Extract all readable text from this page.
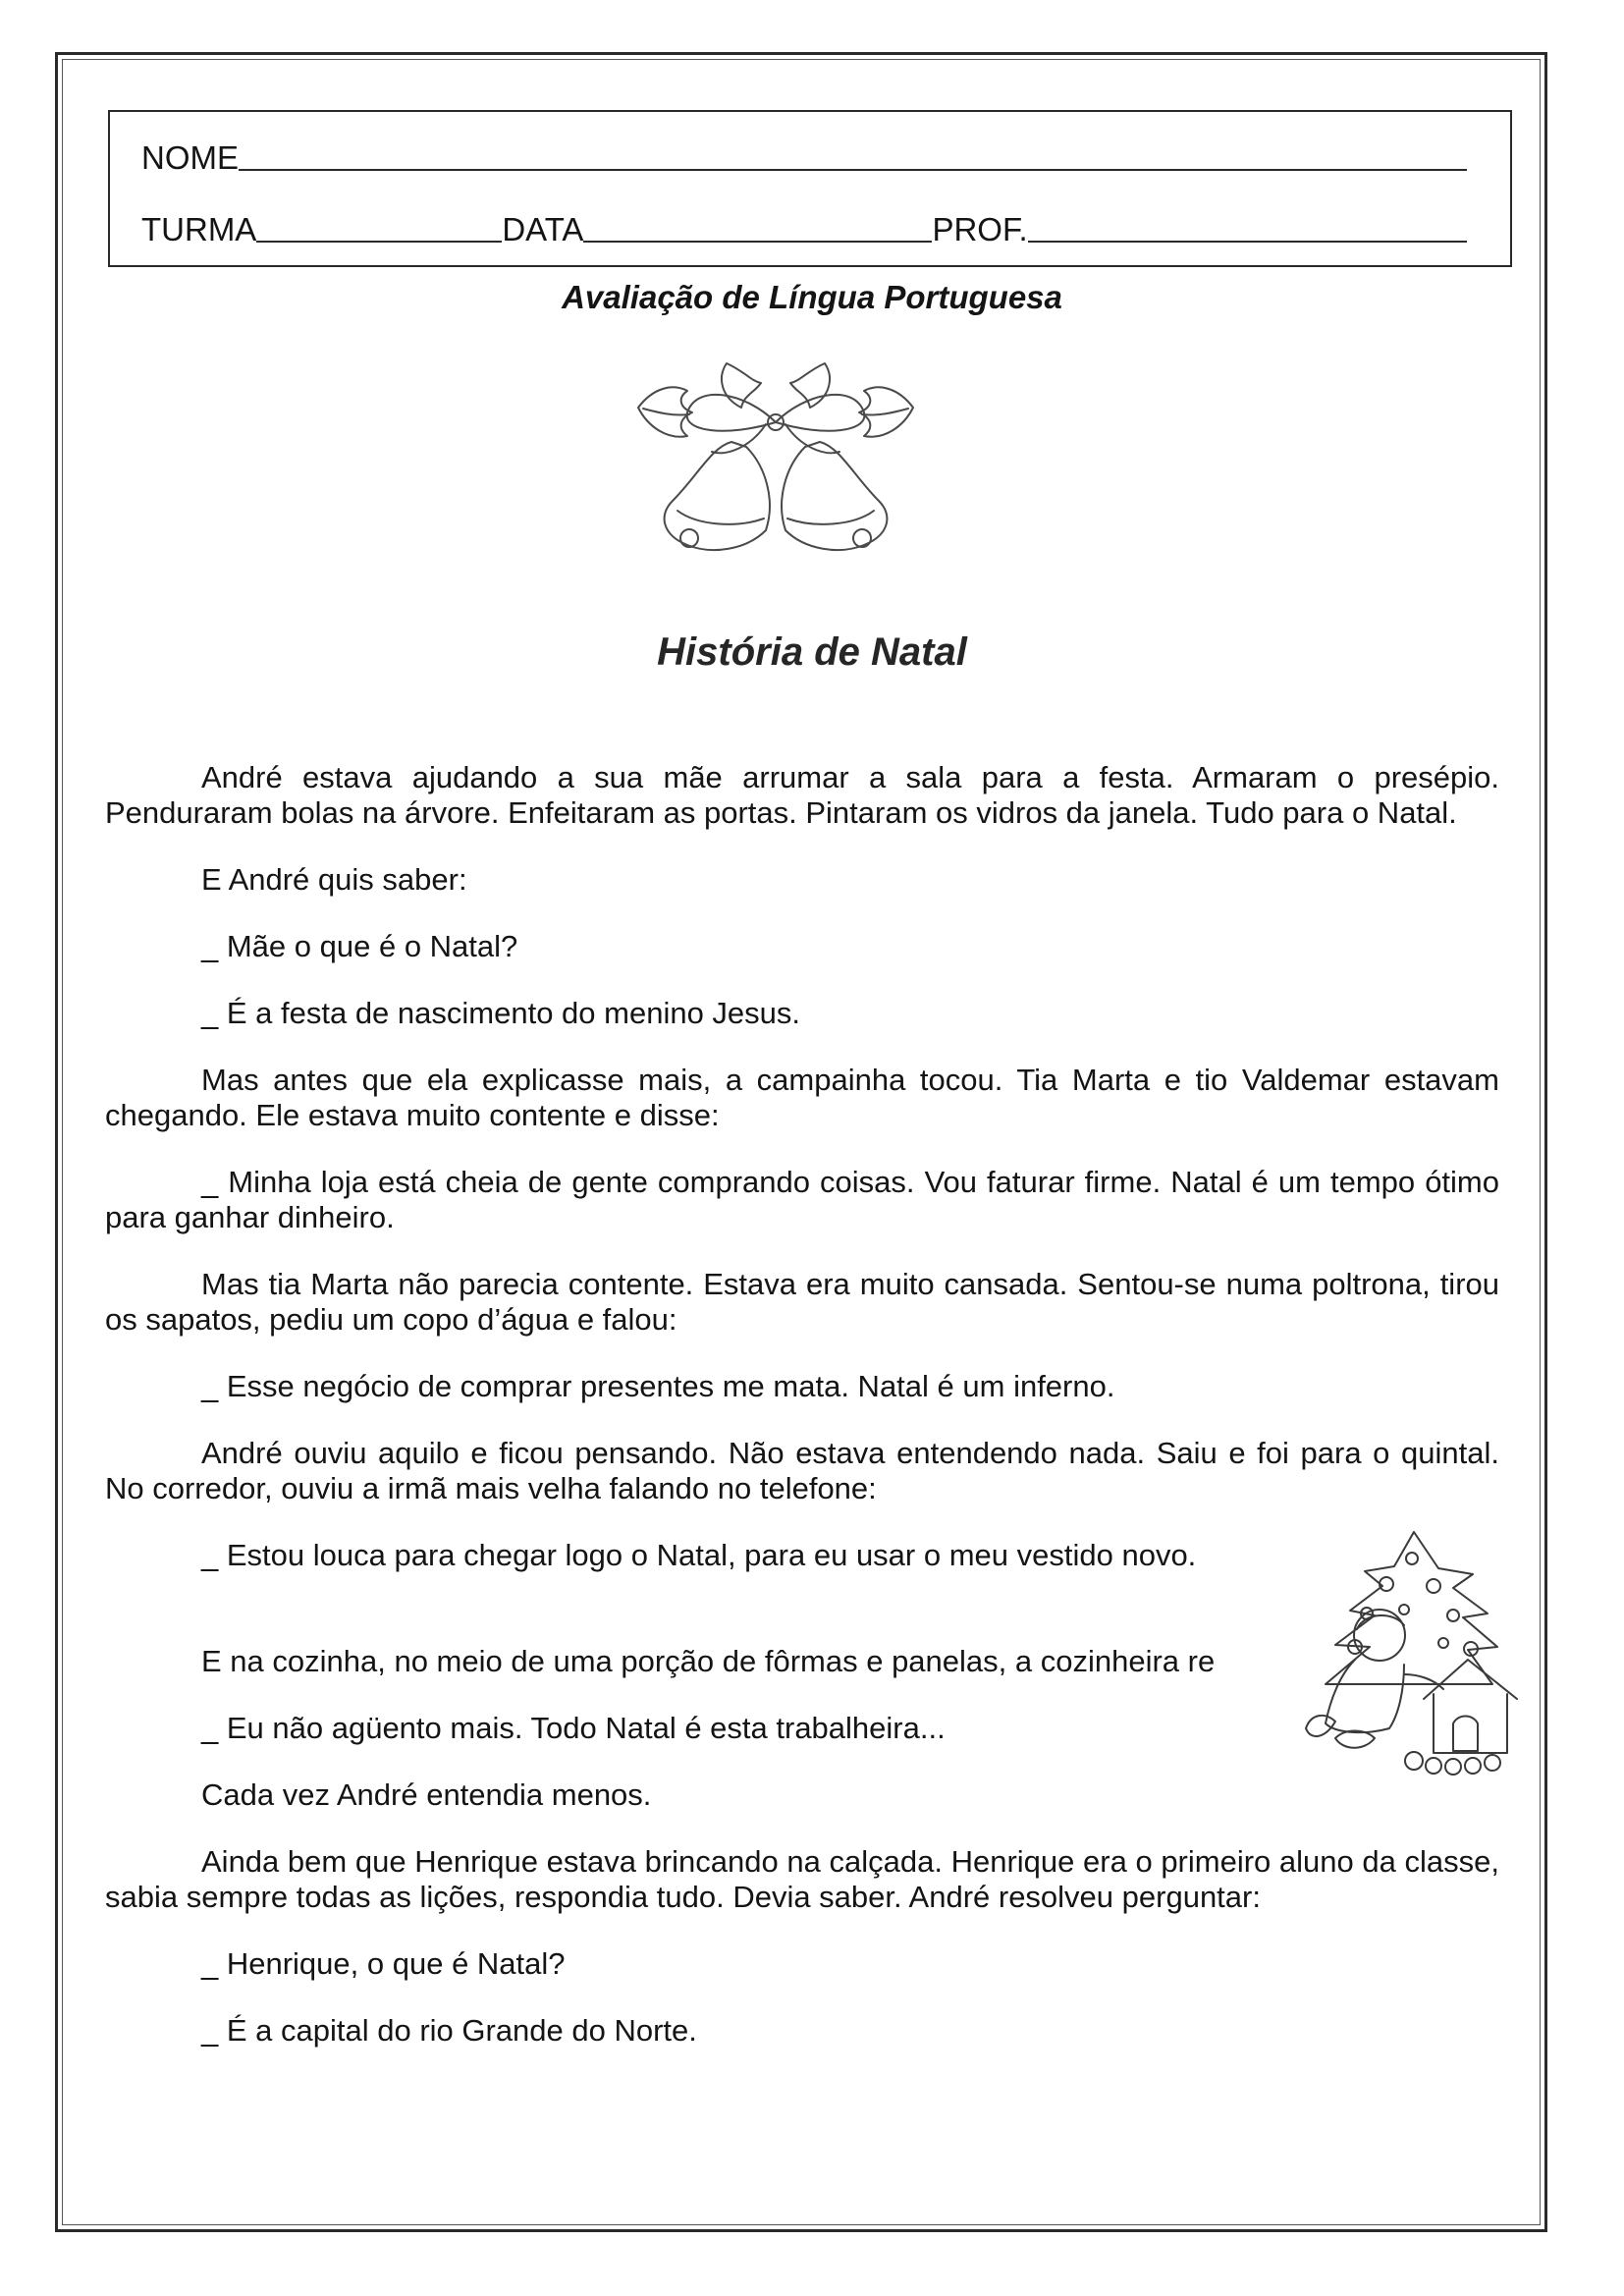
NOME
TURMA	DATA	PROF.
Avaliação de Língua Portuguesa
História de Natal

André estava ajudando a sua mãe arrumar a sala para a festa. Armaram o presépio. Penduraram bolas na árvore. Enfeitaram as portas. Pintaram os vidros da janela. Tudo para o Natal.

E André quis saber:

_ Mãe o que é o Natal?

_ É a festa de nascimento do menino Jesus.

Mas antes que ela explicasse mais, a campainha tocou. Tia Marta e tio Valdemar estavam chegando. Ele estava muito contente e disse:

_ Minha loja está cheia de gente comprando coisas. Vou faturar firme. Natal é um tempo ótimo para ganhar dinheiro.

Mas tia Marta não parecia contente. Estava era muito cansada. Sentou-se numa poltrona, tirou os sapatos, pediu um copo d’água e falou:

_ Esse negócio de comprar presentes me mata. Natal é um inferno.

André ouviu aquilo e ficou pensando. Não estava entendendo nada. Saiu e foi para o quintal. No corredor, ouviu a irmã mais velha falando no telefone:

_ Estou louca para chegar logo o Natal, para eu usar o meu vestido novo.

E na cozinha, no meio de uma porção de fôrmas e panelas, a cozinheira re

_ Eu não agüento mais. Todo Natal é esta trabalheira...

Cada vez André entendia menos.

Ainda bem que Henrique estava brincando na calçada. Henrique era o primeiro aluno da classe, sabia sempre todas as lições, respondia tudo. Devia saber. André resolveu perguntar:

_ Henrique, o que é Natal?

_ É a capital do rio Grande do Norte.
